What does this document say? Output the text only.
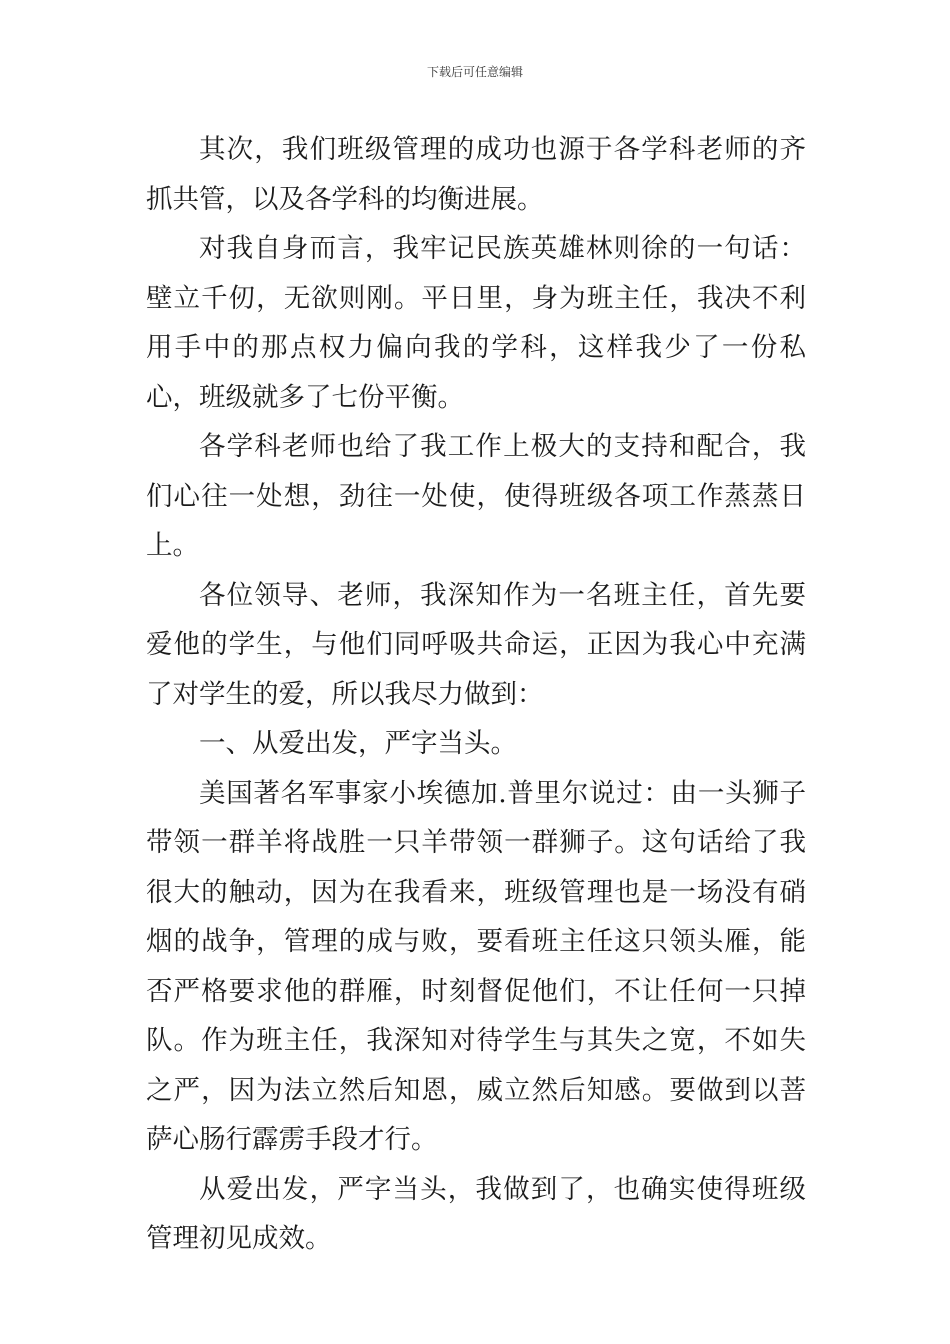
下载后可任意编辑

其次，我们班级管理的成功也源于各学科老师的齐抓共管，以及各学科的均衡进展。

对我自身而言，我牢记民族英雄林则徐的一句话：壁立千仞，无欲则刚。平日里，身为班主任，我决不利用手中的那点权力偏向我的学科，这样我少了一份私心，班级就多了七份平衡。

各学科老师也给了我工作上极大的支持和配合，我们心往一处想，劲往一处使，使得班级各项工作蒸蒸日上。

各位领导、老师，我深知作为一名班主任，首先要爱他的学生，与他们同呼吸共命运，正因为我心中充满了对学生的爱，所以我尽力做到：

一、从爱出发，严字当头。

美国著名军事家小埃德加.普里尔说过：由一头狮子带领一群羊将战胜一只羊带领一群狮子。这句话给了我很大的触动，因为在我看来，班级管理也是一场没有硝烟的战争，管理的成与败，要看班主任这只领头雁，能否严格要求他的群雁，时刻督促他们，不让任何一只掉队。作为班主任，我深知对待学生与其失之宽，不如失之严，因为法立然后知恩，威立然后知感。要做到以菩萨心肠行霹雳手段才行。

从爱出发，严字当头，我做到了，也确实使得班级管理初见成效。
